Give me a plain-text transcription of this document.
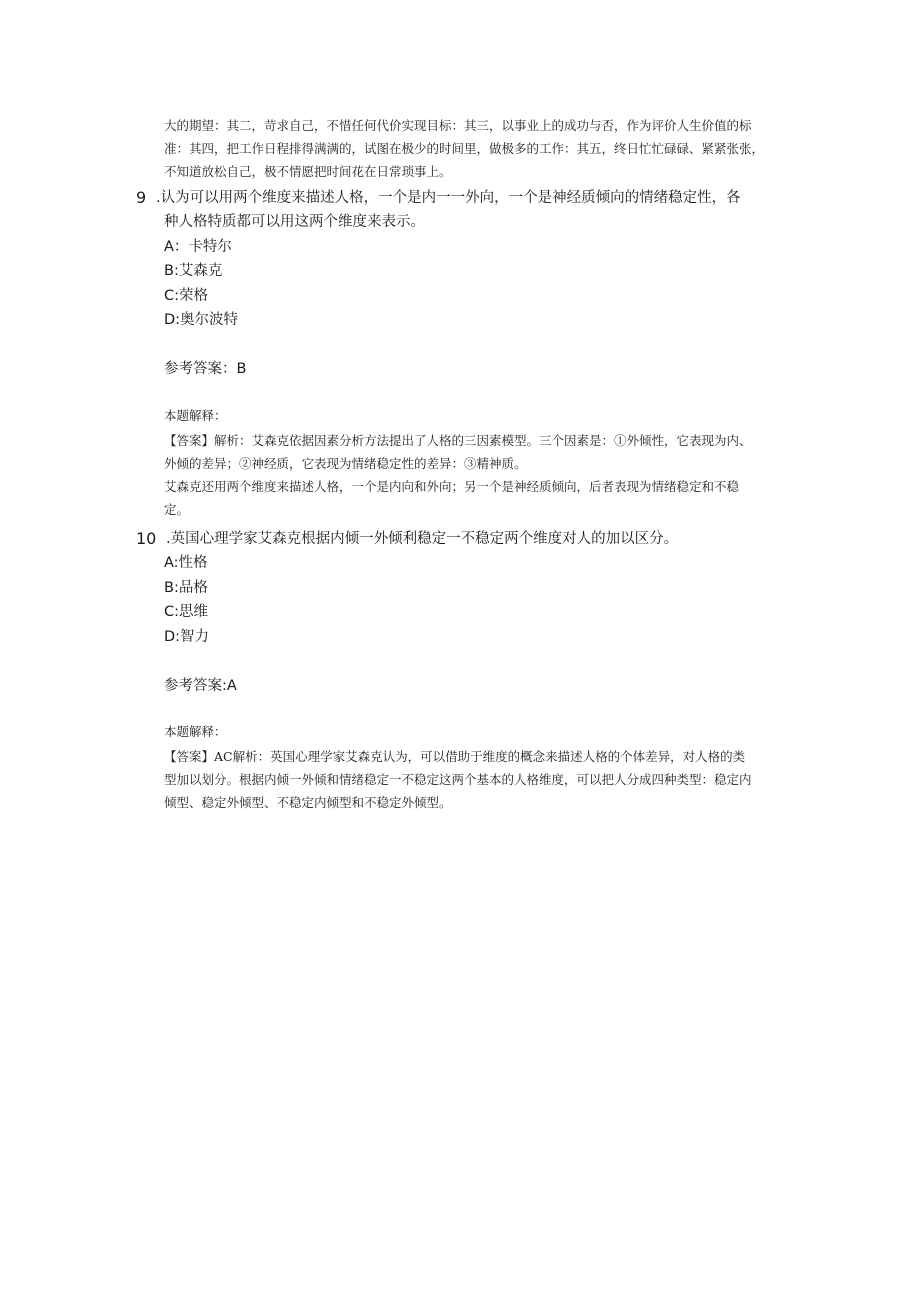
大的期望：其二，苛求自己，不惜任何代价实现目标：其三，以事业上的成功与否，作为评价人生价值的标

准：其四，把工作日程排得满满的，试图在极少的时间里，做极多的工作：其五，终日忙忙碌碌、紧紧张张，

不知道放松自己，极不情愿把时间花在日常琐事上。

9 .认为可以用两个维度来描述人格，一个是内一一外向，一个是神经质倾向的情绪稳定性，各
种人格特质都可以用这两个维度来表示。
A：卡特尔
B:艾森克
C:荣格
D:奥尔波特
参考答案：B
本题解释：

【答案】解析：艾森克依据因素分析方法提出了人格的三因素模型。三个因素是：①外倾性，它表现为内、

外倾的差异；②神经质，它表现为情绪稳定性的差异：③精神质。

艾森克还用两个维度来描述人格，一个是内向和外向；另一个是神经质倾向，后者表现为情绪稳定和不稳

定。

10 .英国心理学家艾森克根据内倾一外倾利稳定一不稳定两个维度对人的加以区分。
A:性格
B:品格
C:思维
D:智力
参考答案:A
本题解释：

【答案】AC解析：英国心理学家艾森克认为，可以借助于维度的概念来描述人格的个体差异，对人格的类

型加以划分。根据内倾一外倾和情绪稳定一不稳定这两个基本的人格维度，可以把人分成四种类型：稳定内

倾型、稳定外倾型、不稳定内倾型和不稳定外倾型。
